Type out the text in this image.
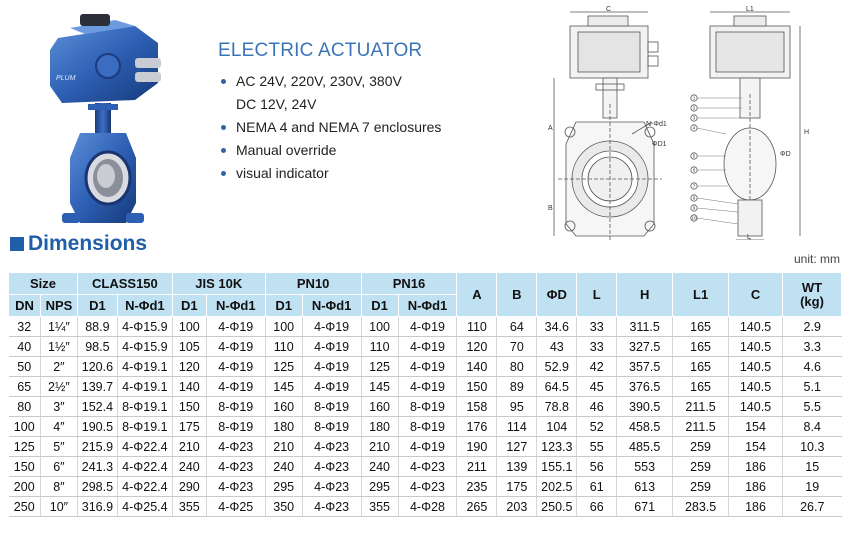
PLUM
ELECTRIC ACTUATOR
AC 24V, 220V, 230V, 380V
DC 12V, 24V
NEMA 4 and NEMA 7 enclosures
Manual override
visual indicator
C
A
B
N-Φd1
ΦD1
L1
ΦD
H
L
1
2
3
4
5
6
7
8
9
10
Dimensions
unit: mm
Size		CLASS150		JIS 10K		PN10		PN16		A	B	ΦD	L	H	L1	C	WT
(kg)
DN	NPS	D1	N-Φd1	D1	N-Φd1	D1	N-Φd1	D1	N-Φd1								
32	1¼″	88.9	4-Φ15.9	100	4-Φ19	100	4-Φ19	100	4-Φ19	110	64	34.6	33	311.5	165	140.5	2.9
40	1½″	98.5	4-Φ15.9	105	4-Φ19	110	4-Φ19	110	4-Φ19	120	70	43	33	327.5	165	140.5	3.3
50	2″	120.6	4-Φ19.1	120	4-Φ19	125	4-Φ19	125	4-Φ19	140	80	52.9	42	357.5	165	140.5	4.6
65	2½″	139.7	4-Φ19.1	140	4-Φ19	145	4-Φ19	145	4-Φ19	150	89	64.5	45	376.5	165	140.5	5.1
80	3″	152.4	8-Φ19.1	150	8-Φ19	160	8-Φ19	160	8-Φ19	158	95	78.8	46	390.5	211.5	140.5	5.5
100	4″	190.5	8-Φ19.1	175	8-Φ19	180	8-Φ19	180	8-Φ19	176	114	104	52	458.5	211.5	154	8.4
125	5″	215.9	4-Φ22.4	210	4-Φ23	210	4-Φ23	210	4-Φ19	190	127	123.3	55	485.5	259	154	10.3
150	6″	241.3	4-Φ22.4	240	4-Φ23	240	4-Φ23	240	4-Φ23	211	139	155.1	56	553	259	186	15
200	8″	298.5	4-Φ22.4	290	4-Φ23	295	4-Φ23	295	4-Φ23	235	175	202.5	61	613	259	186	19
250	10″	316.9	4-Φ25.4	355	4-Φ25	350	4-Φ23	355	4-Φ28	265	203	250.5	66	671	283.5	186	26.7
